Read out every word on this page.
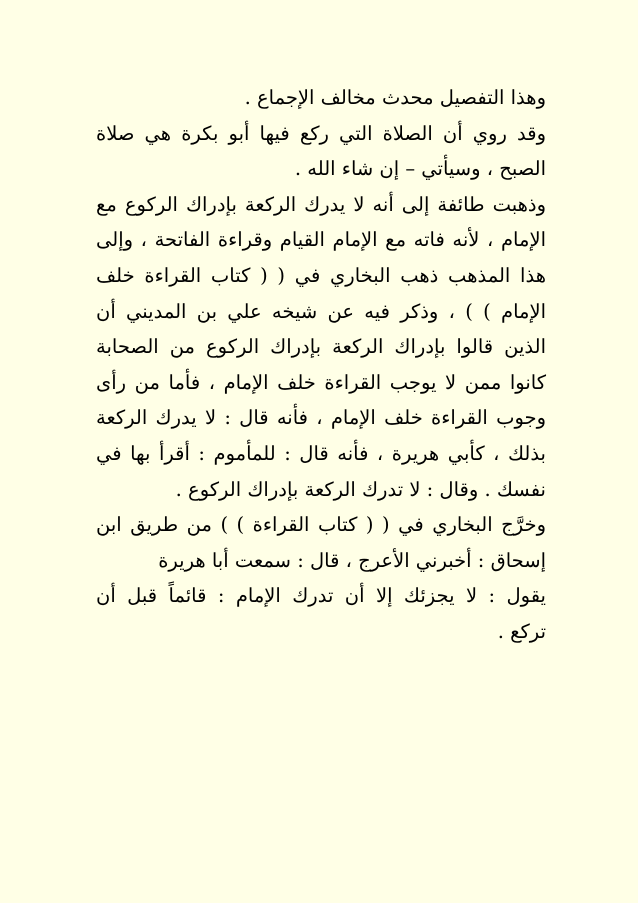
وهذا التفصيل محدث مخالف الإجماع .
وقد روي أن الصلاة التي ركع فيها أبو بكرة هي صلاة
الصبح ، وسيأتي – إن شاء الله .
وذهبت طائفة إلى أنه لا يدرك الركعة بإدراك الركوع مع
الإمام ، لأنه فاته مع الإمام القيام وقراءة الفاتحة ، وإلى
هذا المذهب ذهب البخاري في ( ( كتاب القراءة خلف
الإمام ) ) ، وذكر فيه عن شيخه علي بن المديني أن
الذين قالوا بإدراك الركعة بإدراك الركوع من الصحابة
كانوا ممن لا يوجب القراءة خلف الإمام ، فأما من رأى
وجوب القراءة خلف الإمام ، فأنه قال : لا يدرك الركعة
بذلك ، كأبي هريرة ، فأنه قال : للمأموم : أقرأ بها في
نفسك . وقال : لا تدرك الركعة بإدراك الركوع .
وخرَّج البخاري في ( ( كتاب القراءة ) ) من طريق ابن
إسحاق : أخبرني الأعرج ، قال : سمعت أبا هريرة
يقول : لا يجزئك إلا أن تدرك الإمام : قائماً قبل أن
تركع .
